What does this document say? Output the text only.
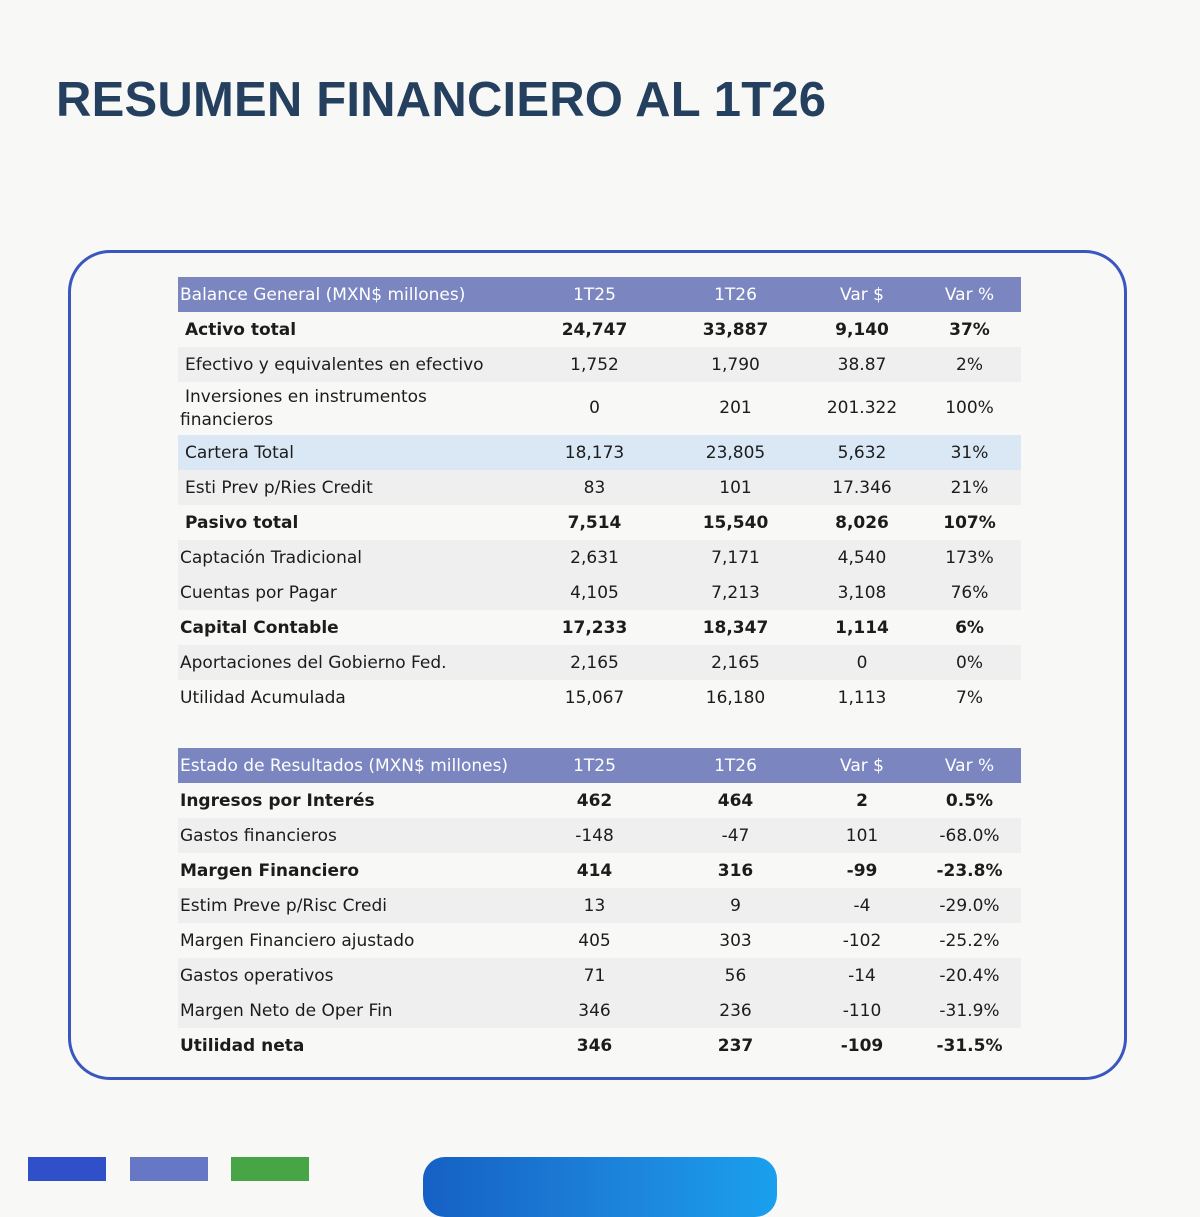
RESUMEN FINANCIERO AL 1T26
Balance General (MXN$ millones)	1T25	1T26	Var $	Var %
Activo total	24,747	33,887	9,140	37%
Efectivo y equivalentes en efectivo	1,752	1,790	38.87	2%
Inversiones en instrumentos
financieros	0	201	201.322	100%
Cartera Total	18,173	23,805	5,632	31%
Esti Prev p/Ries Credit	83	101	17.346	21%
Pasivo total	7,514	15,540	8,026	107%
Captación Tradicional	2,631	7,171	4,540	173%
Cuentas por Pagar	4,105	7,213	3,108	76%
Capital Contable	17,233	18,347	1,114	6%
Aportaciones del Gobierno Fed.	2,165	2,165	0	0%
Utilidad Acumulada	15,067	16,180	1,113	7%
Estado de Resultados (MXN$ millones)	1T25	1T26	Var $	Var %
Ingresos por Interés	462	464	2	0.5%
Gastos financieros	-148	-47	101	-68.0%
Margen Financiero	414	316	-99	-23.8%
Estim Preve p/Risc Credi	13	9	-4	-29.0%
Margen Financiero ajustado	405	303	-102	-25.2%
Gastos operativos	71	56	-14	-20.4%
Margen Neto de Oper Fin	346	236	-110	-31.9%
Utilidad neta	346	237	-109	-31.5%
